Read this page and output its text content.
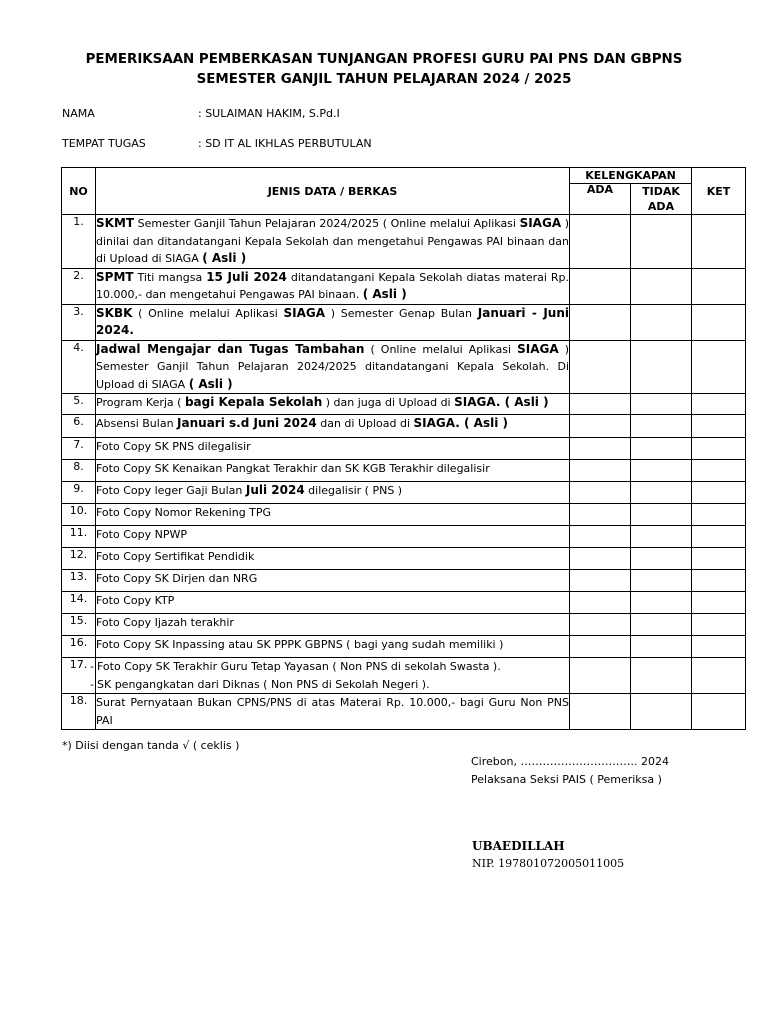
PEMERIKSAAN PEMBERKASAN TUNJANGAN PROFESI GURU PAI PNS DAN GBPNS
SEMESTER GANJIL TAHUN PELAJARAN 2024 / 2025
NAMA	: SULAIMAN HAKIM, S.Pd.I
TEMPAT TUGAS	: SD IT AL IKHLAS PERBUTULAN
NO	JENIS DATA / BERKAS	KELENGKAPAN		KET
		ADA	TIDAK ADA	
1.	SKMT Semester Ganjil Tahun Pelajaran 2024/2025 ( Online melalui Aplikasi SIAGA ) dinilai dan ditandatangani Kepala Sekolah dan mengetahui Pengawas PAI binaan dan di Upload di SIAGA ( Asli )			
2.	SPMT Titi mangsa 15 Juli 2024 ditandatangani Kepala Sekolah diatas materai Rp. 10.000,- dan mengetahui Pengawas PAI binaan. ( Asli )			
3.	SKBK ( Online melalui Aplikasi SIAGA ) Semester Genap Bulan Januari - Juni 2024.			
4.	Jadwal Mengajar dan Tugas Tambahan ( Online melalui Aplikasi SIAGA ) Semester Ganjil Tahun Pelajaran 2024/2025 ditandatangani Kepala Sekolah. Di Upload di SIAGA ( Asli )			
5.	Program Kerja ( bagi Kepala Sekolah ) dan juga di Upload di SIAGA. ( Asli )			
6.	Absensi Bulan Januari s.d Juni 2024 dan di Upload di SIAGA. ( Asli )			
7.	Foto Copy SK PNS dilegalisir			
8.	Foto Copy SK Kenaikan Pangkat Terakhir dan SK KGB Terakhir dilegalisir			
9.	Foto Copy leger Gaji Bulan Juli 2024 dilegalisir ( PNS )			
10.	Foto Copy Nomor Rekening TPG			
11.	Foto Copy NPWP			
12.	Foto Copy Sertifikat Pendidik			
13.	Foto Copy SK Dirjen dan NRG			
14.	Foto Copy KTP			
15.	Foto Copy Ijazah terakhir			
16.	Foto Copy SK Inpassing atau SK PPPK GBPNS ( bagi yang sudah memiliki )			
17.	- Foto Copy SK Terakhir Guru Tetap Yayasan ( Non PNS di sekolah Swasta ).
- SK pengangkatan dari Diknas ( Non PNS di Sekolah Negeri ).

18.	Surat Pernyataan Bukan CPNS/PNS di atas Materai Rp. 10.000,- bagi Guru Non PNS PAI			
*) Diisi dengan tanda √ ( ceklis )
Cirebon, ………………………….. 2024
Pelaksana Seksi PAIS ( Pemeriksa )
UBAEDILLAH
NIP. 197801072005011005
